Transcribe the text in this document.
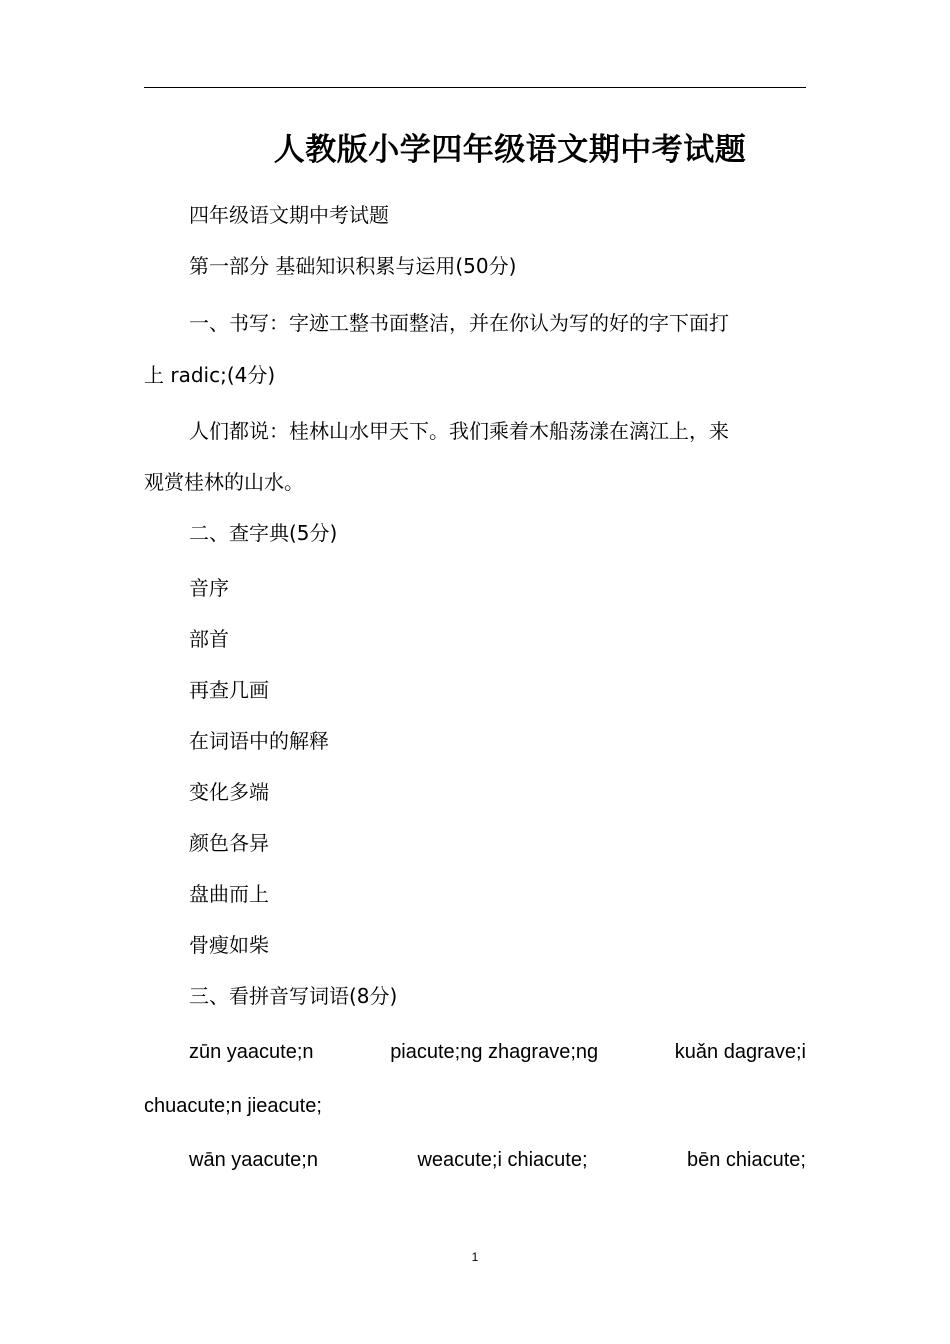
人教版小学四年级语文期中考试题
四年级语文期中考试题
第一部分 基础知识积累与运用(50分)
一、书写：字迹工整书面整洁，并在你认为写的好的字下面打
上 radic;(4分)
人们都说：桂林山水甲天下。我们乘着木船荡漾在漓江上，来
观赏桂林的山水。
二、查字典(5分)
音序
部首
再查几画
在词语中的解释
变化多端
颜色各异
盘曲而上
骨瘦如柴
三、看拼音写词语(8分)
zūn yaacute;n	piacute;ng zhagrave;ng	kuǎn dagrave;i
chuacute;n jieacute;
wān yaacute;n	weacute;i chiacute;	bēn chiacute;
1
